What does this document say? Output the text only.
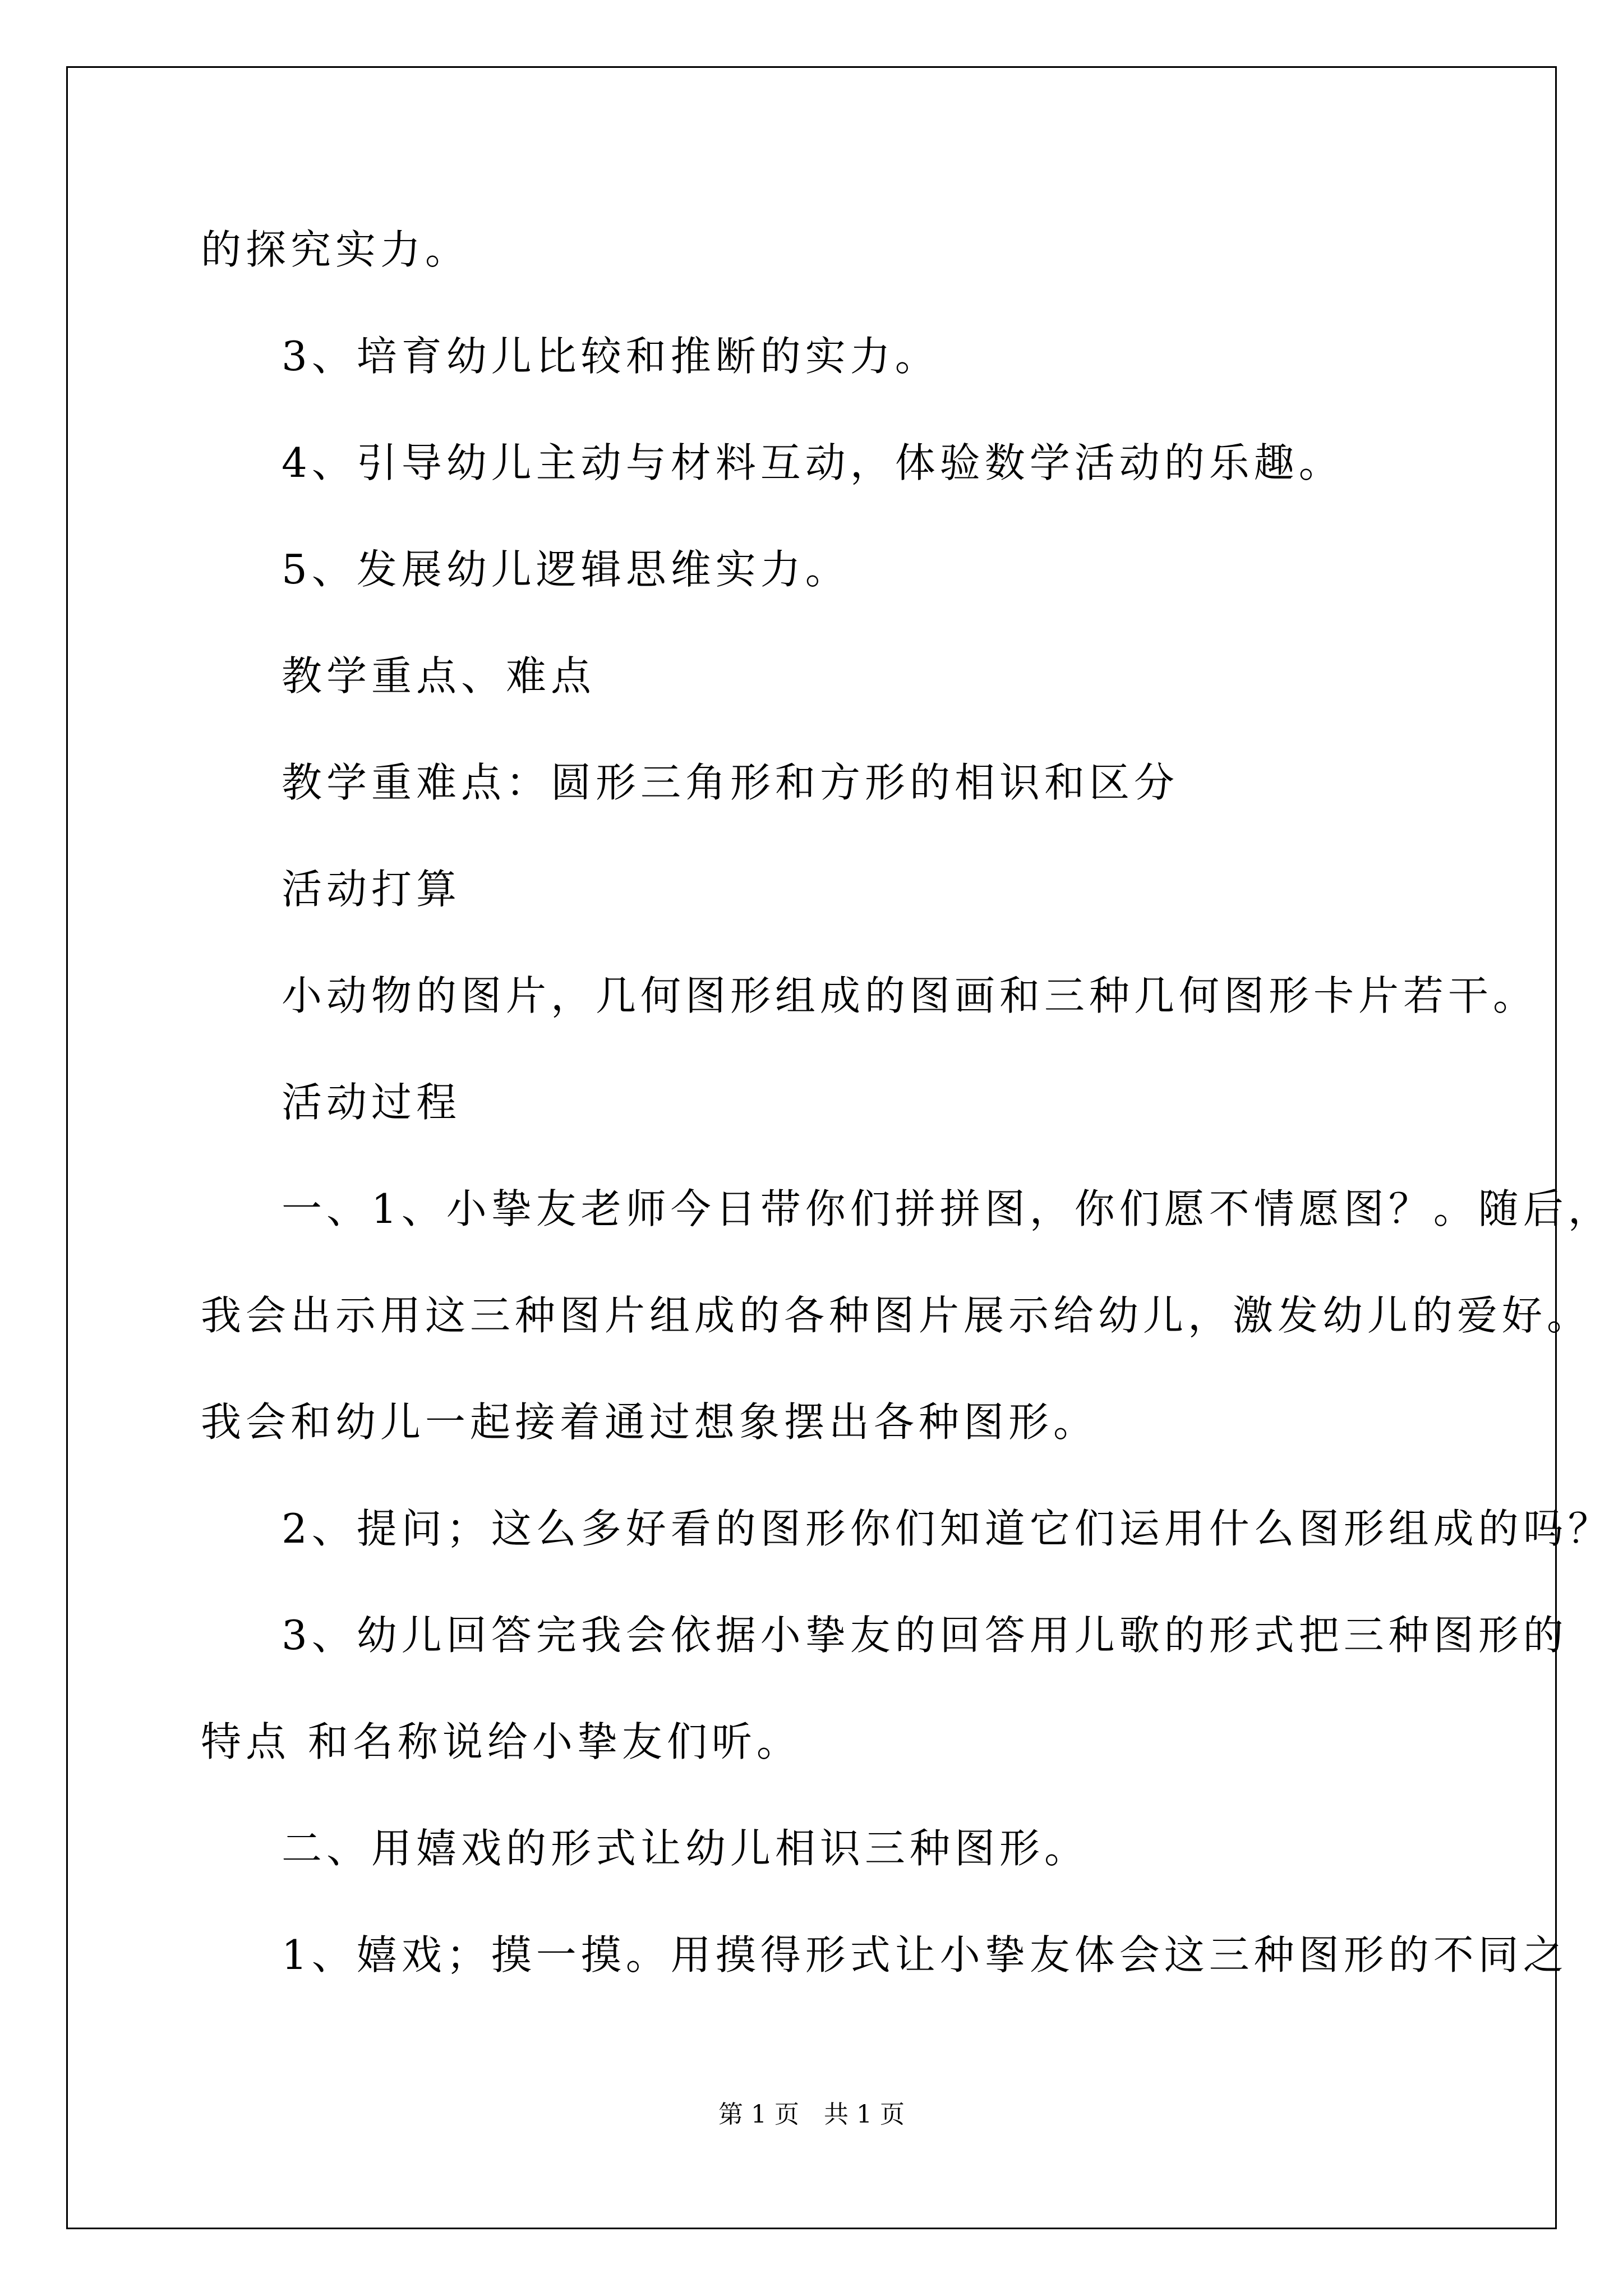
的探究实力。
3、培育幼儿比较和推断的实力。
4、引导幼儿主动与材料互动，体验数学活动的乐趣。
5、发展幼儿逻辑思维实力。
教学重点、难点
教学重难点：圆形三角形和方形的相识和区分
活动打算
小动物的图片，几何图形组成的图画和三种几何图形卡片若干。
活动过程
一、1、小挚友老师今日带你们拼拼图，你们愿不情愿图？。随后，
我会出示用这三种图片组成的各种图片展示给幼儿，激发幼儿的爱好。
我会和幼儿一起接着通过想象摆出各种图形。
2、提问；这么多好看的图形你们知道它们运用什么图形组成的吗？
3、幼儿回答完我会依据小挚友的回答用儿歌的形式把三种图形的
特点 和名称说给小挚友们听。
二、用嬉戏的形式让幼儿相识三种图形。
1、嬉戏；摸一摸。用摸得形式让小挚友体会这三种图形的不同之
第 1 页　共 1 页
